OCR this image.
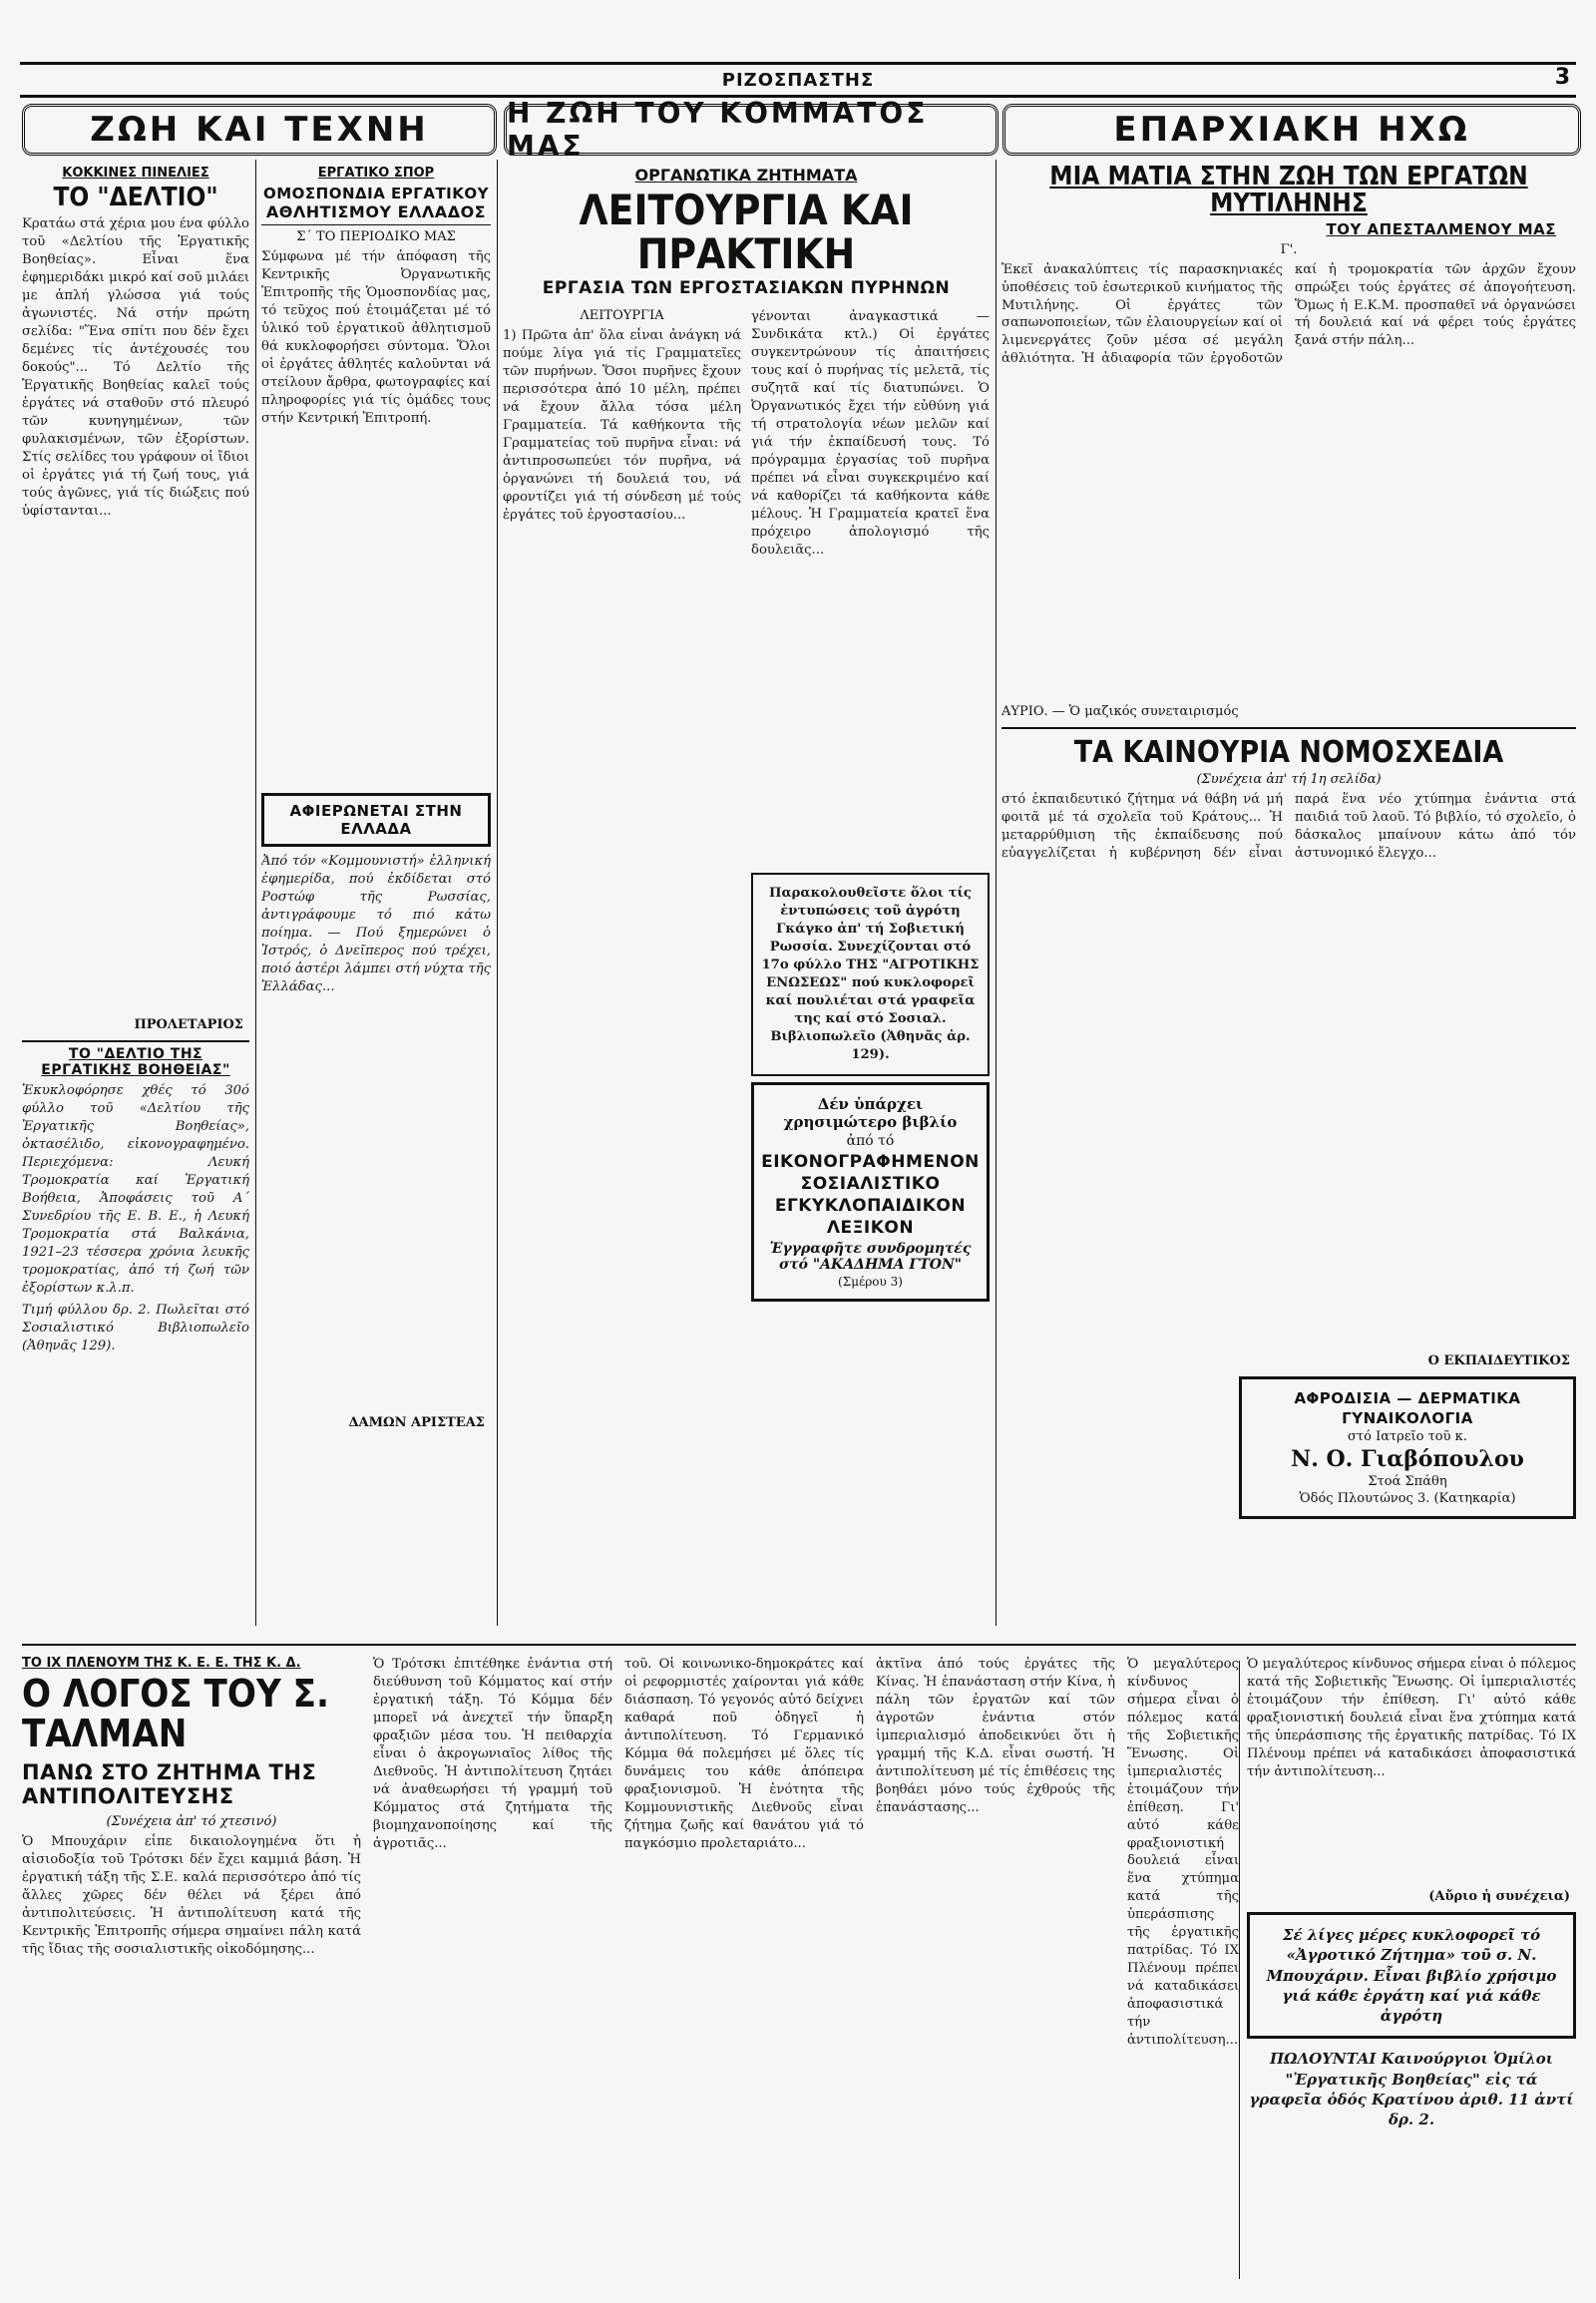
ΡΙΖΟΣΠΑΣΤΗΣ	3
ΖΩΗ ΚΑΙ ΤΕΧΝΗ	Η ΖΩΗ ΤΟΥ ΚΟΜΜΑΤΟΣ ΜΑΣ	ΕΠΑΡΧΙΑΚΗ ΗΧΩ
ΚΟΚΚΙΝΕΣ ΠΙΝΕΛΙΕΣ
ΤΟ "ΔΕΛΤΙΟ"
Κρατάω στά χέρια μου ένα φύλλο τοῦ «Δελτίου τῆς Ἐργατικῆς Βοηθείας». Εἶναι ἕνα ἐφημεριδάκι μικρό καί σοῦ μιλάει με ἁπλή γλώσσα γιά τούς ἀγωνιστές. Νά στήν πρώτη σελίδα: "Ἕνα σπίτι που δέν ἔχει δεμένες τίς ἀντέχουσές του δοκούς"... Τό Δελτίο τῆς Ἐργατικῆς Βοηθείας καλεῖ τούς ἐργάτες νά σταθοῦν στό πλευρό τῶν κυνηγημένων, τῶν φυλακισμένων, τῶν ἐξορίστων. Στίς σελίδες του γράφουν οἱ ἴδιοι οἱ ἐργάτες γιά τή ζωή τους, γιά τούς ἀγῶνες, γιά τίς διώξεις πού ὑφίστανται...
ΠΡΟΛΕΤΑΡΙΟΣ
ΤΟ "ΔΕΛΤΙΟ ΤΗΣ ΕΡΓΑΤΙΚΗΣ ΒΟΗΘΕΙΑΣ"
Ἐκυκλοφόρησε χθές τό 30ό φύλλο τοῦ «Δελτίου τῆς Ἐργατικῆς Βοηθείας», ὀκτασέλιδο, εἰκονογραφημένο. Περιεχόμενα: Λευκή Τρομοκρατία καί Ἐργατική Βοήθεια, Ἀποφάσεις τοῦ Α΄ Συνεδρίου τῆς Ε. Β. Ε., ἡ Λευκή Τρομοκρατία στά Βαλκάνια, 1921–23 τέσσερα χρόνια λευκῆς τρομοκρατίας, ἀπό τή ζωή τῶν ἐξορίστων κ.λ.π.
Τιμή φύλλου δρ. 2. Πωλεῖται στό Σοσιαλιστικό Βιβλιοπωλεῖο (Ἀθηνᾶς 129).
ΕΡΓΑΤΙΚΟ ΣΠΟΡ
ΟΜΟΣΠΟΝΔΙΑ ΕΡΓΑΤΙΚΟΥ
ΑΘΛΗΤΙΣΜΟΥ ΕΛΛΑΔΟΣ
Σ΄ ΤΟ ΠΕΡΙΟΔΙΚΟ ΜΑΣ
Σύμφωνα μέ τήν ἀπόφαση τῆς Κεντρικῆς Ὀργανωτικῆς Ἐπιτροπῆς τῆς Ὁμοσπονδίας μας, τό τεῦχος πού ἑτοιμάζεται μέ τό ὑλικό τοῦ ἐργατικοῦ ἀθλητισμοῦ θά κυκλοφορήσει σύντομα. Ὅλοι οἱ ἐργάτες ἀθλητές καλοῦνται νά στείλουν ἄρθρα, φωτογραφίες καί πληροφορίες γιά τίς ὁμάδες τους στήν Κεντρική Ἐπιτροπή.
ΑΦΙΕΡΩΝΕΤΑΙ ΣΤΗΝ ΕΛΛΑΔΑ
Ἀπό τόν «Κομμουνιστή» ἑλληνική ἐφημερίδα, πού ἐκδίδεται στό Ροστώφ τῆς Ρωσσίας, ἀντιγράφουμε τό πιό κάτω ποίημα. — Πού ξημερώνει ὁ Ἰστρός, ὁ Δνεῖπερος πού τρέχει, ποιό ἀστέρι λάμπει στή νύχτα τῆς Ἑλλάδας...
ΔΑΜΩΝ ΑΡΙΣΤΕΑΣ
ΟΡΓΑΝΩΤΙΚΑ ΖΗΤΗΜΑΤΑ
ΛΕΙΤΟΥΡΓΙΑ ΚΑΙ ΠΡΑΚΤΙΚΗ
ΕΡΓΑΣΙΑ ΤΩΝ ΕΡΓΟΣΤΑΣΙΑΚΩΝ ΠΥΡΗΝΩΝ
ΛΕΙΤΟΥΡΓΙΑ
1) Πρῶτα ἀπ' ὅλα εἶναι ἀνάγκη νά πούμε λίγα γιά τίς Γραμματεῖες τῶν πυρήνων. Ὅσοι πυρῆνες ἔχουν περισσότερα ἀπό 10 μέλη, πρέπει νά ἔχουν ἄλλα τόσα μέλη Γραμματεία. Τά καθήκοντα τῆς Γραμματείας τοῦ πυρῆνα εἶναι: νά ἀντιπροσωπεύει τόν πυρῆνα, νά ὀργανώνει τή δουλειά του, νά φροντίζει γιά τή σύνδεση μέ τούς ἐργάτες τοῦ ἐργοστασίου...
γένονται ἀναγκαστικά — Συνδικάτα κτλ.) Οἱ ἐργάτες συγκεντρώνουν τίς ἀπαιτήσεις τους καί ὁ πυρήνας τίς μελετᾶ, τίς συζητᾶ καί τίς διατυπώνει. Ὁ Ὀργανωτικός ἔχει τήν εὐθύνη γιά τή στρατολογία νέων μελῶν καί γιά τήν ἐκπαίδευσή τους. Τό πρόγραμμα ἐργασίας τοῦ πυρῆνα πρέπει νά εἶναι συγκεκριμένο καί νά καθορίζει τά καθήκοντα κάθε μέλους. Ἡ Γραμματεία κρατεῖ ἕνα πρόχειρο ἀπολογισμό τῆς δουλειᾶς...

Παρακολουθεῖστε ὅλοι τίς ἐντυπώσεις τοῦ ἀγρότη Γκάγκο ἀπ' τή Σοβιετική Ρωσσία. Συνεχίζονται στό 17ο φύλλο ΤΗΣ "ΑΓΡΟΤΙΚΗΣ ΕΝΩΣΕΩΣ" πού κυκλοφορεῖ καί πουλιέται στά γραφεῖα της καί στό Σοσιαλ. Βιβλιοπωλεῖο (Ἀθηνᾶς ἀρ. 129).

Δέν ὑπάρχει χρησιμώτερο βιβλίο

ἀπό τό

ΕΙΚΟΝΟΓΡΑΦΗΜΕΝΟΝ ΣΟΣΙΑΛΙΣΤΙΚΟ ΕΓΚΥΚΛΟΠΑΙΔΙΚΟΝ ΛΕΞΙΚΟΝ

Ἐγγραφῆτε συνδρομητές στό "ΑΚΑΔΗΜΑ ΓΤΟΝ"

(Σμέρου 3)

ΜΙΑ ΜΑΤΙΑ ΣΤΗΝ ΖΩΗ ΤΩΝ ΕΡΓΑΤΩΝ ΜΥΤΙΛΗΝΗΣ
ΤΟΥ ΑΠΕΣΤΑΛΜΕΝΟΥ ΜΑΣ
Γ'.
Ἐκεῖ ἀνακαλύπτεις τίς παρασκηνιακές ὑποθέσεις τοῦ ἐσωτερικοῦ κινήματος τῆς Μυτιλήνης. Οἱ ἐργάτες τῶν σαπωνοποιείων, τῶν ἐλαιουργείων καί οἱ λιμενεργάτες ζοῦν μέσα σέ μεγάλη ἀθλιότητα. Ἡ ἀδιαφορία τῶν ἐργοδοτῶν καί ἡ τρομοκρατία τῶν ἀρχῶν ἔχουν σπρώξει τούς ἐργάτες σέ ἀπογοήτευση. Ὅμως ἡ Ε.Κ.Μ. προσπαθεῖ νά ὀργανώσει τή δουλειά καί νά φέρει τούς ἐργάτες ξανά στήν πάλη...
ΑΥΡΙΟ. — Ὁ μαζικός συνεταιρισμός
ΤΑ ΚΑΙΝΟΥΡΙΑ ΝΟΜΟΣΧΕΔΙΑ
(Συνέχεια ἀπ' τή 1η σελίδα)
στό ἐκπαιδευτικό ζήτημα νά θάβη νά μή φοιτᾶ μέ τά σχολεῖα τοῦ Κράτους... Ἡ μεταρρύθμιση τῆς ἐκπαίδευσης πού εὐαγγελίζεται ἡ κυβέρνηση δέν εἶναι παρά ἕνα νέο χτύπημα ἐνάντια στά παιδιά τοῦ λαοῦ. Τό βιβλίο, τό σχολεῖο, ὁ δάσκαλος μπαίνουν κάτω ἀπό τόν ἀστυνομικό ἔλεγχο...
Ο ΕΚΠΑΙΔΕΥΤΙΚΟΣ

ΑΦΡΟΔΙΣΙΑ — ΔΕΡΜΑΤΙΚΑ

ΓΥΝΑΙΚΟΛΟΓΙΑ

στό Ιατρεῖο τοῦ κ.

Ν. Ο. Γιαβόπουλου

Στοά Σπάθη

Ὁδός Πλουτώνος 3. (Κατηκαρία)

ΤΟ IX ΠΛΕΝΟΥΜ ΤΗΣ Κ. Ε. Ε. ΤΗΣ Κ. Δ.
Ο ΛΟΓΟΣ ΤΟΥ Σ. ΤΑΛΜΑΝ
ΠΑΝΩ ΣΤΟ ΖΗΤΗΜΑ ΤΗΣ ΑΝΤΙΠΟΛΙΤΕΥΣΗΣ
(Συνέχεια ἀπ' τό χτεσινό)
Ὁ Μπουχάριν εἶπε δικαιολογημένα ὅτι ἡ αἰσιοδοξία τοῦ Τρότσκι δέν ἔχει καμμιά βάση. Ἡ ἐργατική τάξη τῆς Σ.Ε. καλά περισσότερο ἀπό τίς ἄλλες χῶρες δέν θέλει νά ξέρει ἀπό ἀντιπολιτεύσεις. Ἡ ἀντιπολίτευση κατά τῆς Κεντρικῆς Ἐπιτροπῆς σήμερα σημαίνει πάλη κατά τῆς ἴδιας τῆς σοσιαλιστικῆς οἰκοδόμησης...
Ὁ Τρότσκι ἐπιτέθηκε ἐνάντια στή διεύθυνση τοῦ Κόμματος καί στήν ἐργατική τάξη. Τό Κόμμα δέν μπορεῖ νά ἀνεχτεῖ τήν ὕπαρξη φραξιῶν μέσα του. Ἡ πειθαρχία εἶναι ὁ ἀκρογωνιαῖος λίθος τῆς Διεθνοῦς. Ἡ ἀντιπολίτευση ζητάει νά ἀναθεωρήσει τή γραμμή τοῦ Κόμματος στά ζητήματα τῆς βιομηχανοποίησης καί τῆς ἀγροτιᾶς...
τοῦ. Οἱ κοινωνικο-δημοκράτες καί οἱ ρεφορμιστές χαίρονται γιά κάθε διάσπαση. Τό γεγονός αὐτό δείχνει καθαρά ποῦ ὁδηγεῖ ἡ ἀντιπολίτευση. Τό Γερμανικό Κόμμα θά πολεμήσει μέ ὅλες τίς δυνάμεις του κάθε ἀπόπειρα φραξιονισμοῦ. Ἡ ἑνότητα τῆς Κομμουνιστικῆς Διεθνοῦς εἶναι ζήτημα ζωῆς καί θανάτου γιά τό παγκόσμιο προλεταριάτο...
ἀκτῖνα ἀπό τούς ἐργάτες τῆς Κίνας. Ἡ ἐπανάσταση στήν Κίνα, ἡ πάλη τῶν ἐργατῶν καί τῶν ἀγροτῶν ἐνάντια στόν ἰμπεριαλισμό ἀποδεικνύει ὅτι ἡ γραμμή τῆς Κ.Δ. εἶναι σωστή. Ἡ ἀντιπολίτευση μέ τίς ἐπιθέσεις της βοηθάει μόνο τούς ἐχθρούς τῆς ἐπανάστασης...
Ὁ μεγαλύτερος κίνδυνος σήμερα εἶναι ὁ πόλεμος κατά τῆς Σοβιετικῆς Ἕνωσης. Οἱ ἰμπεριαλιστές ἑτοιμάζουν τήν ἐπίθεση. Γι' αὐτό κάθε φραξιονιστική δουλειά εἶναι ἕνα χτύπημα κατά τῆς ὑπεράσπισης τῆς ἐργατικῆς πατρίδας. Τό IX Πλένουμ πρέπει νά καταδικάσει ἀποφασιστικά τήν ἀντιπολίτευση...
Ὁ μεγαλύτερος κίνδυνος σήμερα εἶναι ὁ πόλεμος κατά τῆς Σοβιετικῆς Ἕνωσης. Οἱ ἰμπεριαλιστές ἑτοιμάζουν τήν ἐπίθεση. Γι' αὐτό κάθε φραξιονιστική δουλειά εἶναι ἕνα χτύπημα κατά τῆς ὑπεράσπισης τῆς ἐργατικῆς πατρίδας. Τό IX Πλένουμ πρέπει νά καταδικάσει ἀποφασιστικά τήν ἀντιπολίτευση...
(Αὔριο ἡ συνέχεια)

Σέ λίγες μέρες κυκλοφορεῖ τό «Ἀγροτικό Ζήτημα» τοῦ σ. Ν. Μπουχάριν. Εἶναι βιβλίο χρήσιμο γιά κάθε ἐργάτη καί γιά κάθε ἀγρότη

ΠΩΛΟΥΝΤΑΙ Καινούργιοι Ὁμίλοι "Ἐργατικῆς Βοηθείας" εἰς τά γραφεῖα ὁδός Κρατίνου ἀριθ. 11 ἀντί δρ. 2.
